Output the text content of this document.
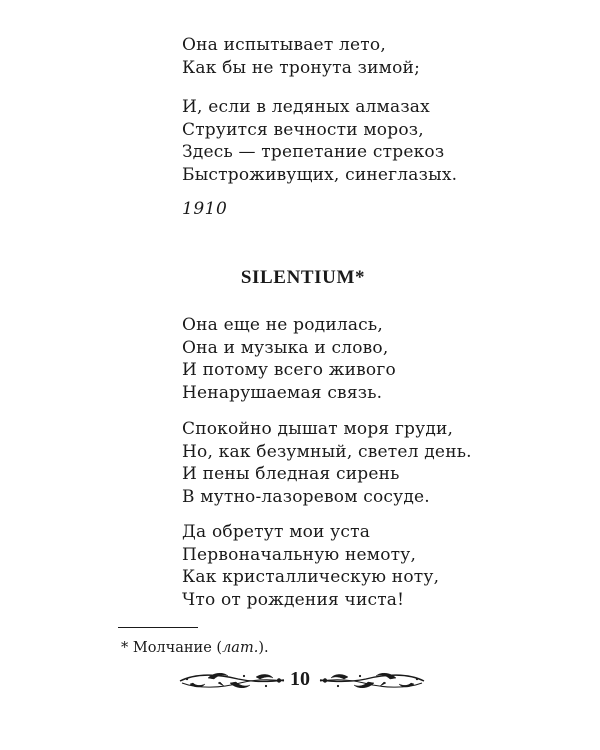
Она испытывает лето,
Как бы не тронута зимой;
И, если в ледяных алмазах
Струится вечности мороз,
Здесь — трепетание стрекоз
Быстроживущих, синеглазых.
1910
SILENTIUM*
Она еще не родилась,
Она и музыка и слово,
И потому всего живого
Ненарушаемая связь.
Спокойно дышат моря груди,
Но, как безумный, светел день.
И пены бледная сирень
В мутно-лазоревом сосуде.
Да обретут мои уста
Первоначальную немоту,
Как кристаллическую ноту,
Что от рождения чиста!
* Молчание (лат.).
10
